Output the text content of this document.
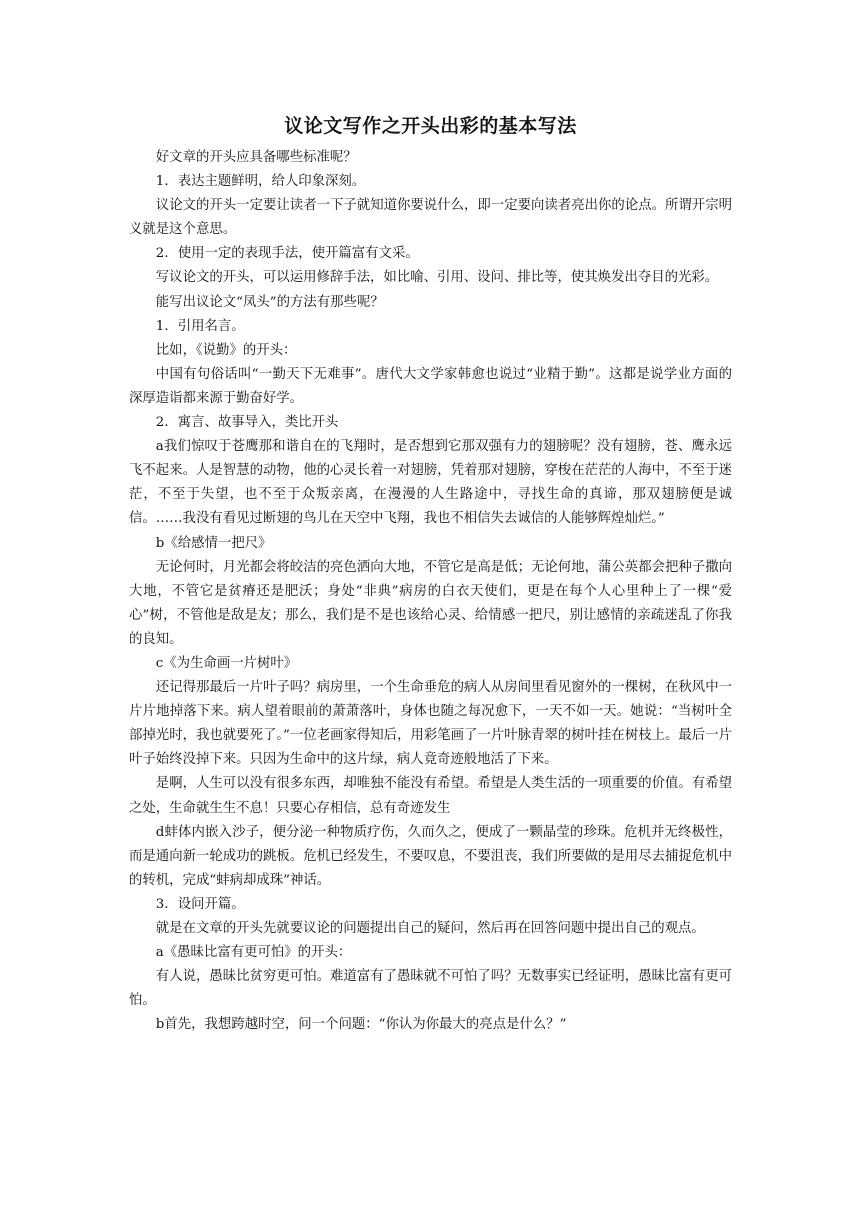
议论文写作之开头出彩的基本写法

好文章的开头应具备哪些标准呢？

1．表达主题鲜明，给人印象深刻。

议论文的开头一定要让读者一下子就知道你要说什么，即一定要向读者亮出你的论点。所谓开宗明义就是这个意思。

2．使用一定的表现手法，使开篇富有文采。

写议论文的开头，可以运用修辞手法，如比喻、引用、设问、排比等，使其焕发出夺目的光彩。

能写出议论文“凤头”的方法有那些呢？

1．引用名言。

比如，《说勤》的开头：

中国有句俗话叫“一勤天下无难事”。唐代大文学家韩愈也说过“业精于勤”。这都是说学业方面的深厚造诣都来源于勤奋好学。

2．寓言、故事导入，类比开头

a我们惊叹于苍鹰那和谐自在的飞翔时，是否想到它那双强有力的翅膀呢？没有翅膀，苍、鹰永远飞不起来。人是智慧的动物，他的心灵长着一对翅膀，凭着那对翅膀，穿梭在茫茫的人海中，不至于迷茫，不至于失望，也不至于众叛亲离，在漫漫的人生路途中，寻找生命的真谛，那双翅膀便是诚信。……我没有看见过断翅的鸟儿在天空中飞翔，我也不相信失去诚信的人能够辉煌灿烂。”

b《给感情一把尺》

无论何时，月光都会将皎洁的亮色洒向大地，不管它是高是低；无论何地，蒲公英都会把种子撒向大地，不管它是贫瘠还是肥沃；身处“非典”病房的白衣天使们，更是在每个人心里种上了一棵“爱心”树，不管他是敌是友；那么，我们是不是也该给心灵、给情感一把尺，别让感情的亲疏迷乱了你我的良知。

c《为生命画一片树叶》

还记得那最后一片叶子吗？病房里，一个生命垂危的病人从房间里看见窗外的一棵树，在秋风中一片片地掉落下来。病人望着眼前的萧萧落叶，身体也随之每况愈下，一天不如一天。她说：“当树叶全部掉光时，我也就要死了。”一位老画家得知后，用彩笔画了一片叶脉青翠的树叶挂在树枝上。最后一片叶子始终没掉下来。只因为生命中的这片绿，病人竟奇迹般地活了下来。

是啊，人生可以没有很多东西，却唯独不能没有希望。希望是人类生活的一项重要的价值。有希望之处，生命就生生不息！只要心存相信，总有奇迹发生

d蚌体内嵌入沙子，便分泌一种物质疗伤，久而久之，便成了一颗晶莹的珍珠。危机并无终极性，而是通向新一轮成功的跳板。危机已经发生，不要叹息，不要沮丧，我们所要做的是用尽去捕捉危机中的转机，完成“蚌病却成珠”神话。

3．设问开篇。

就是在文章的开头先就要议论的问题提出自己的疑问，然后再在回答问题中提出自己的观点。

a《愚昧比富有更可怕》的开头：

有人说，愚昧比贫穷更可怕。难道富有了愚昧就不可怕了吗？无数事实已经证明，愚昧比富有更可怕。

b首先，我想跨越时空，问一个问题：“你认为你最大的亮点是什么？”
